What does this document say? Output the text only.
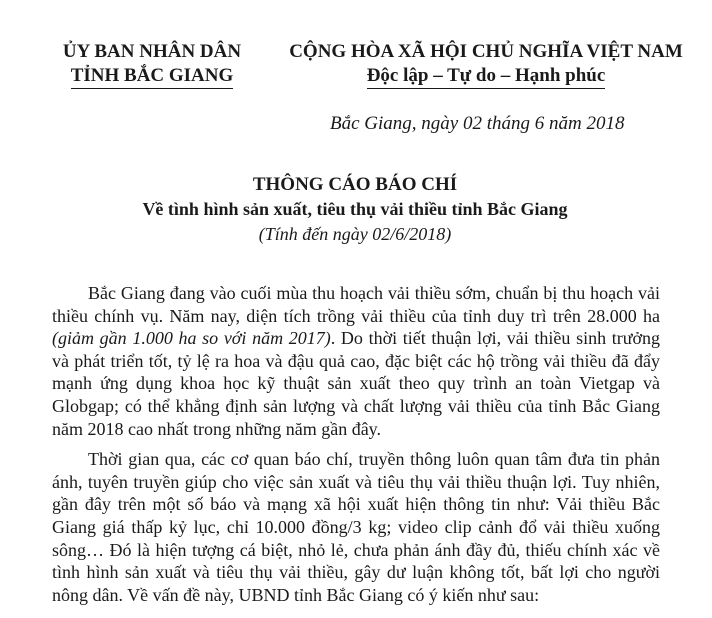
ỦY BAN NHÂN DÂN
TỈNH BẮC GIANG
CỘNG HÒA XÃ HỘI CHỦ NGHĨA VIỆT NAM
Độc lập – Tự do – Hạnh phúc
Bắc Giang, ngày 02 tháng 6 năm 2018
THÔNG CÁO BÁO CHÍ
Về tình hình sản xuất, tiêu thụ vải thiều tỉnh Bắc Giang
(Tính đến ngày 02/6/2018)

Bắc Giang đang vào cuối mùa thu hoạch vải thiều sớm, chuẩn bị thu hoạch vải thiều chính vụ. Năm nay, diện tích trồng vải thiều của tỉnh duy trì trên 28.000 ha (giảm gần 1.000 ha so với năm 2017). Do thời tiết thuận lợi, vải thiều sinh trưởng và phát triển tốt, tỷ lệ ra hoa và đậu quả cao, đặc biệt các hộ trồng vải thiều đã đẩy mạnh ứng dụng khoa học kỹ thuật sản xuất theo quy trình an toàn Vietgap và Globgap; có thể khẳng định sản lượng và chất lượng vải thiều của tỉnh Bắc Giang năm 2018 cao nhất trong những năm gần đây.

Thời gian qua, các cơ quan báo chí, truyền thông luôn quan tâm đưa tin phản ánh, tuyên truyền giúp cho việc sản xuất và tiêu thụ vải thiều thuận lợi. Tuy nhiên, gần đây trên một số báo và mạng xã hội xuất hiện thông tin như: Vải thiều Bắc Giang giá thấp kỷ lục, chỉ 10.000 đồng/3 kg; video clip cảnh đổ vải thiều xuống sông… Đó là hiện tượng cá biệt, nhỏ lẻ, chưa phản ánh đầy đủ, thiếu chính xác về tình hình sản xuất và tiêu thụ vải thiều, gây dư luận không tốt, bất lợi cho người nông dân. Về vấn đề này, UBND tỉnh Bắc Giang có ý kiến như sau:
